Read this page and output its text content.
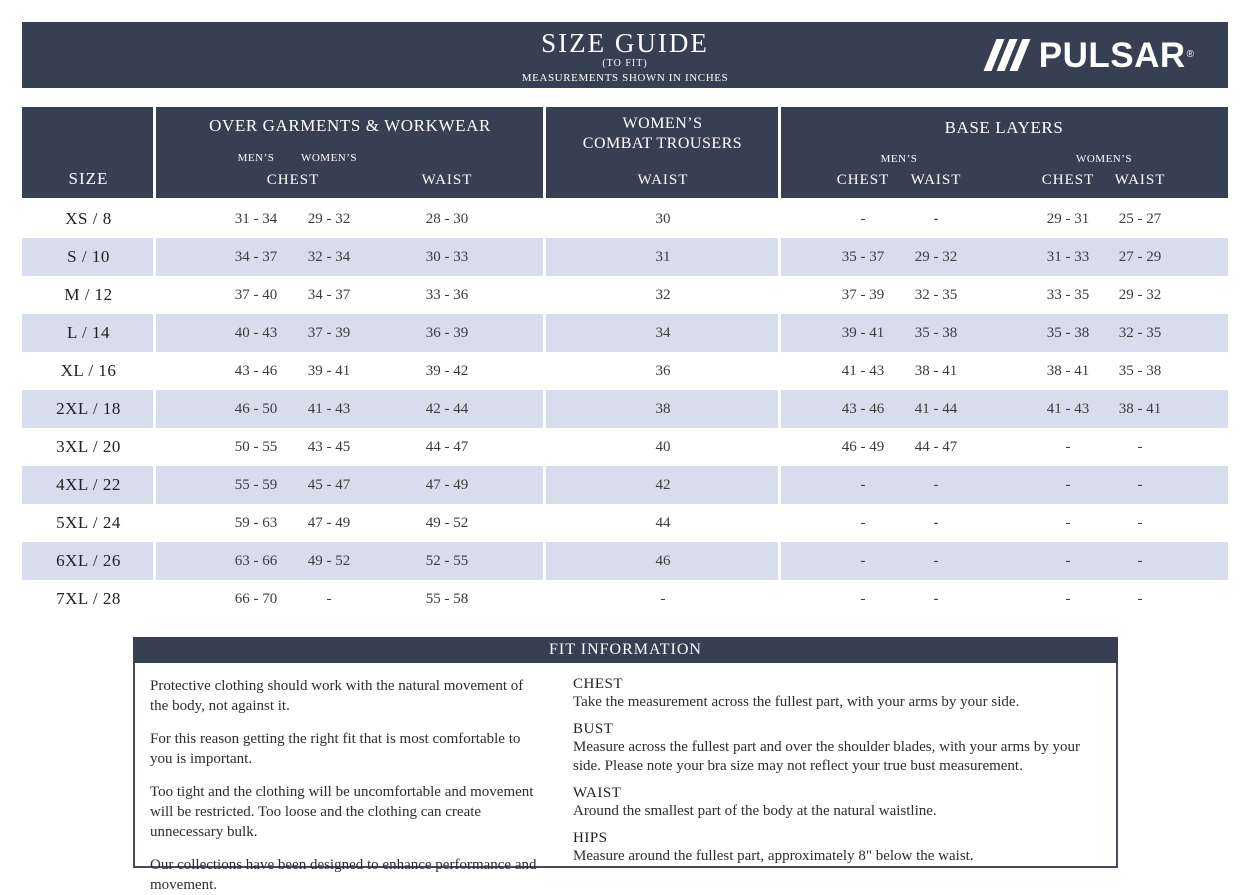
SIZE GUIDE
(TO FIT)
MEASUREMENTS SHOWN IN INCHES
PULSAR ®
SIZE
OVER GARMENTS & WORKWEAR
MEN’S	WOMEN’S
CHEST	WAIST
WOMEN’S
COMBAT TROUSERS
WAIST
BASE LAYERS
MEN’S	WOMEN’S
CHEST	WAIST	CHEST	WAIST
XS / 8	31 - 34	29 - 32	28 - 30	30	-	-	29 - 31	25 - 27
S / 10	34 - 37	32 - 34	30 - 33	31	35 - 37	29 - 32	31 - 33	27 - 29
M / 12	37 - 40	34 - 37	33 - 36	32	37 - 39	32 - 35	33 - 35	29 - 32
L / 14	40 - 43	37 - 39	36 - 39	34	39 - 41	35 - 38	35 - 38	32 - 35
XL / 16	43 - 46	39 - 41	39 - 42	36	41 - 43	38 - 41	38 - 41	35 - 38
2XL / 18	46 - 50	41 - 43	42 - 44	38	43 - 46	41 - 44	41 - 43	38 - 41
3XL / 20	50 - 55	43 - 45	44 - 47	40	46 - 49	44 - 47	-	-
4XL / 22	55 - 59	45 - 47	47 - 49	42	-	-	-	-
5XL / 24	59 - 63	47 - 49	49 - 52	44	-	-	-	-
6XL / 26	63 - 66	49 - 52	52 - 55	46	-	-	-	-
7XL / 28	66 - 70	-	55 - 58	-	-	-	-	-
FIT INFORMATION

Protective clothing should work with the natural movement of the body, not against it.

For this reason getting the right fit that is most comfortable to you is important.

Too tight and the clothing will be uncomfortable and movement will be restricted. Too loose and the clothing can create unnecessary bulk.

Our collections have been designed to enhance performance and movement.

CHEST
Take the measurement across the fullest part, with your arms by your side.
BUST
Measure across the fullest part and over the shoulder blades, with your arms by your side. Please note your bra size may not reflect your true bust measurement.
WAIST
Around the smallest part of the body at the natural waistline.
HIPS
Measure around the fullest part, approximately 8" below the waist.
